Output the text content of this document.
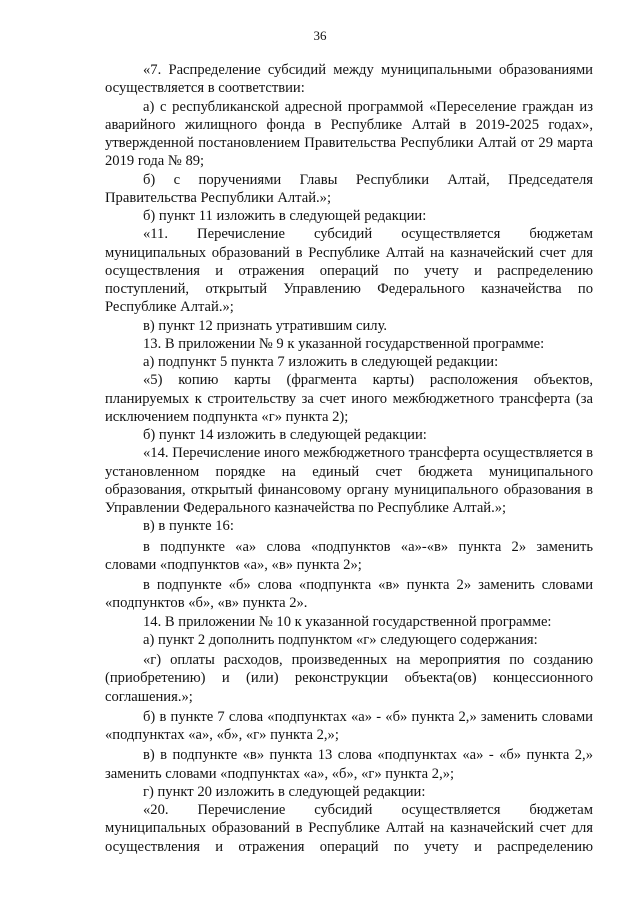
36

«7. Распределение субсидий между муниципальными образованиями осуществляется в соответствии:

а) с республиканской адресной программой «Переселение граждан из аварийного жилищного фонда в Республике Алтай в 2019-2025 годах», утвержденной постановлением Правительства Республики Алтай от 29 марта 2019 года № 89;

б) с поручениями Главы Республики Алтай, Председателя Правительства Республики Алтай.»;

б) пункт 11 изложить в следующей редакции:

«11. Перечисление субсидий осуществляется бюджетам муниципальных образований в Республике Алтай на казначейский счет для осуществления и отражения операций по учету и распределению поступлений, открытый Управлению Федерального казначейства по Республике Алтай.»;

в) пункт 12 признать утратившим силу.

13. В приложении № 9 к указанной государственной программе:

а) подпункт 5 пункта 7 изложить в следующей редакции:

«5) копию карты (фрагмента карты) расположения объектов, планируемых к строительству за счет иного межбюджетного трансферта (за исключением подпункта «г» пункта 2);

б) пункт 14 изложить в следующей редакции:

«14. Перечисление иного межбюджетного трансферта осуществляется в установленном порядке на единый счет бюджета муниципального образования, открытый финансовому органу муниципального образования в Управлении Федерального казначейства по Республике Алтай.»;

в) в пункте 16:

в подпункте «а» слова «подпунктов «а»-«в» пункта 2» заменить словами «подпунктов «а», «в» пункта 2»;

в подпункте «б» слова «подпункта «в» пункта 2» заменить словами «подпунктов «б», «в» пункта 2».

14. В приложении № 10 к указанной государственной программе:

а) пункт 2 дополнить подпунктом «г» следующего содержания:

«г) оплаты расходов, произведенных на мероприятия по созданию (приобретению) и (или) реконструкции объекта(ов) концессионного соглашения.»;

б) в пункте 7 слова «подпунктах «а» - «б» пункта 2,» заменить словами «подпунктах «а», «б», «г» пункта 2,»;

в) в подпункте «в» пункта 13 слова «подпунктах «а» - «б» пункта 2,» заменить словами «подпунктах «а», «б», «г» пункта 2,»;

г) пункт 20 изложить в следующей редакции:

«20. Перечисление субсидий осуществляется бюджетам муниципальных образований в Республике Алтай на казначейский счет для осуществления и отражения операций по учету и распределению
